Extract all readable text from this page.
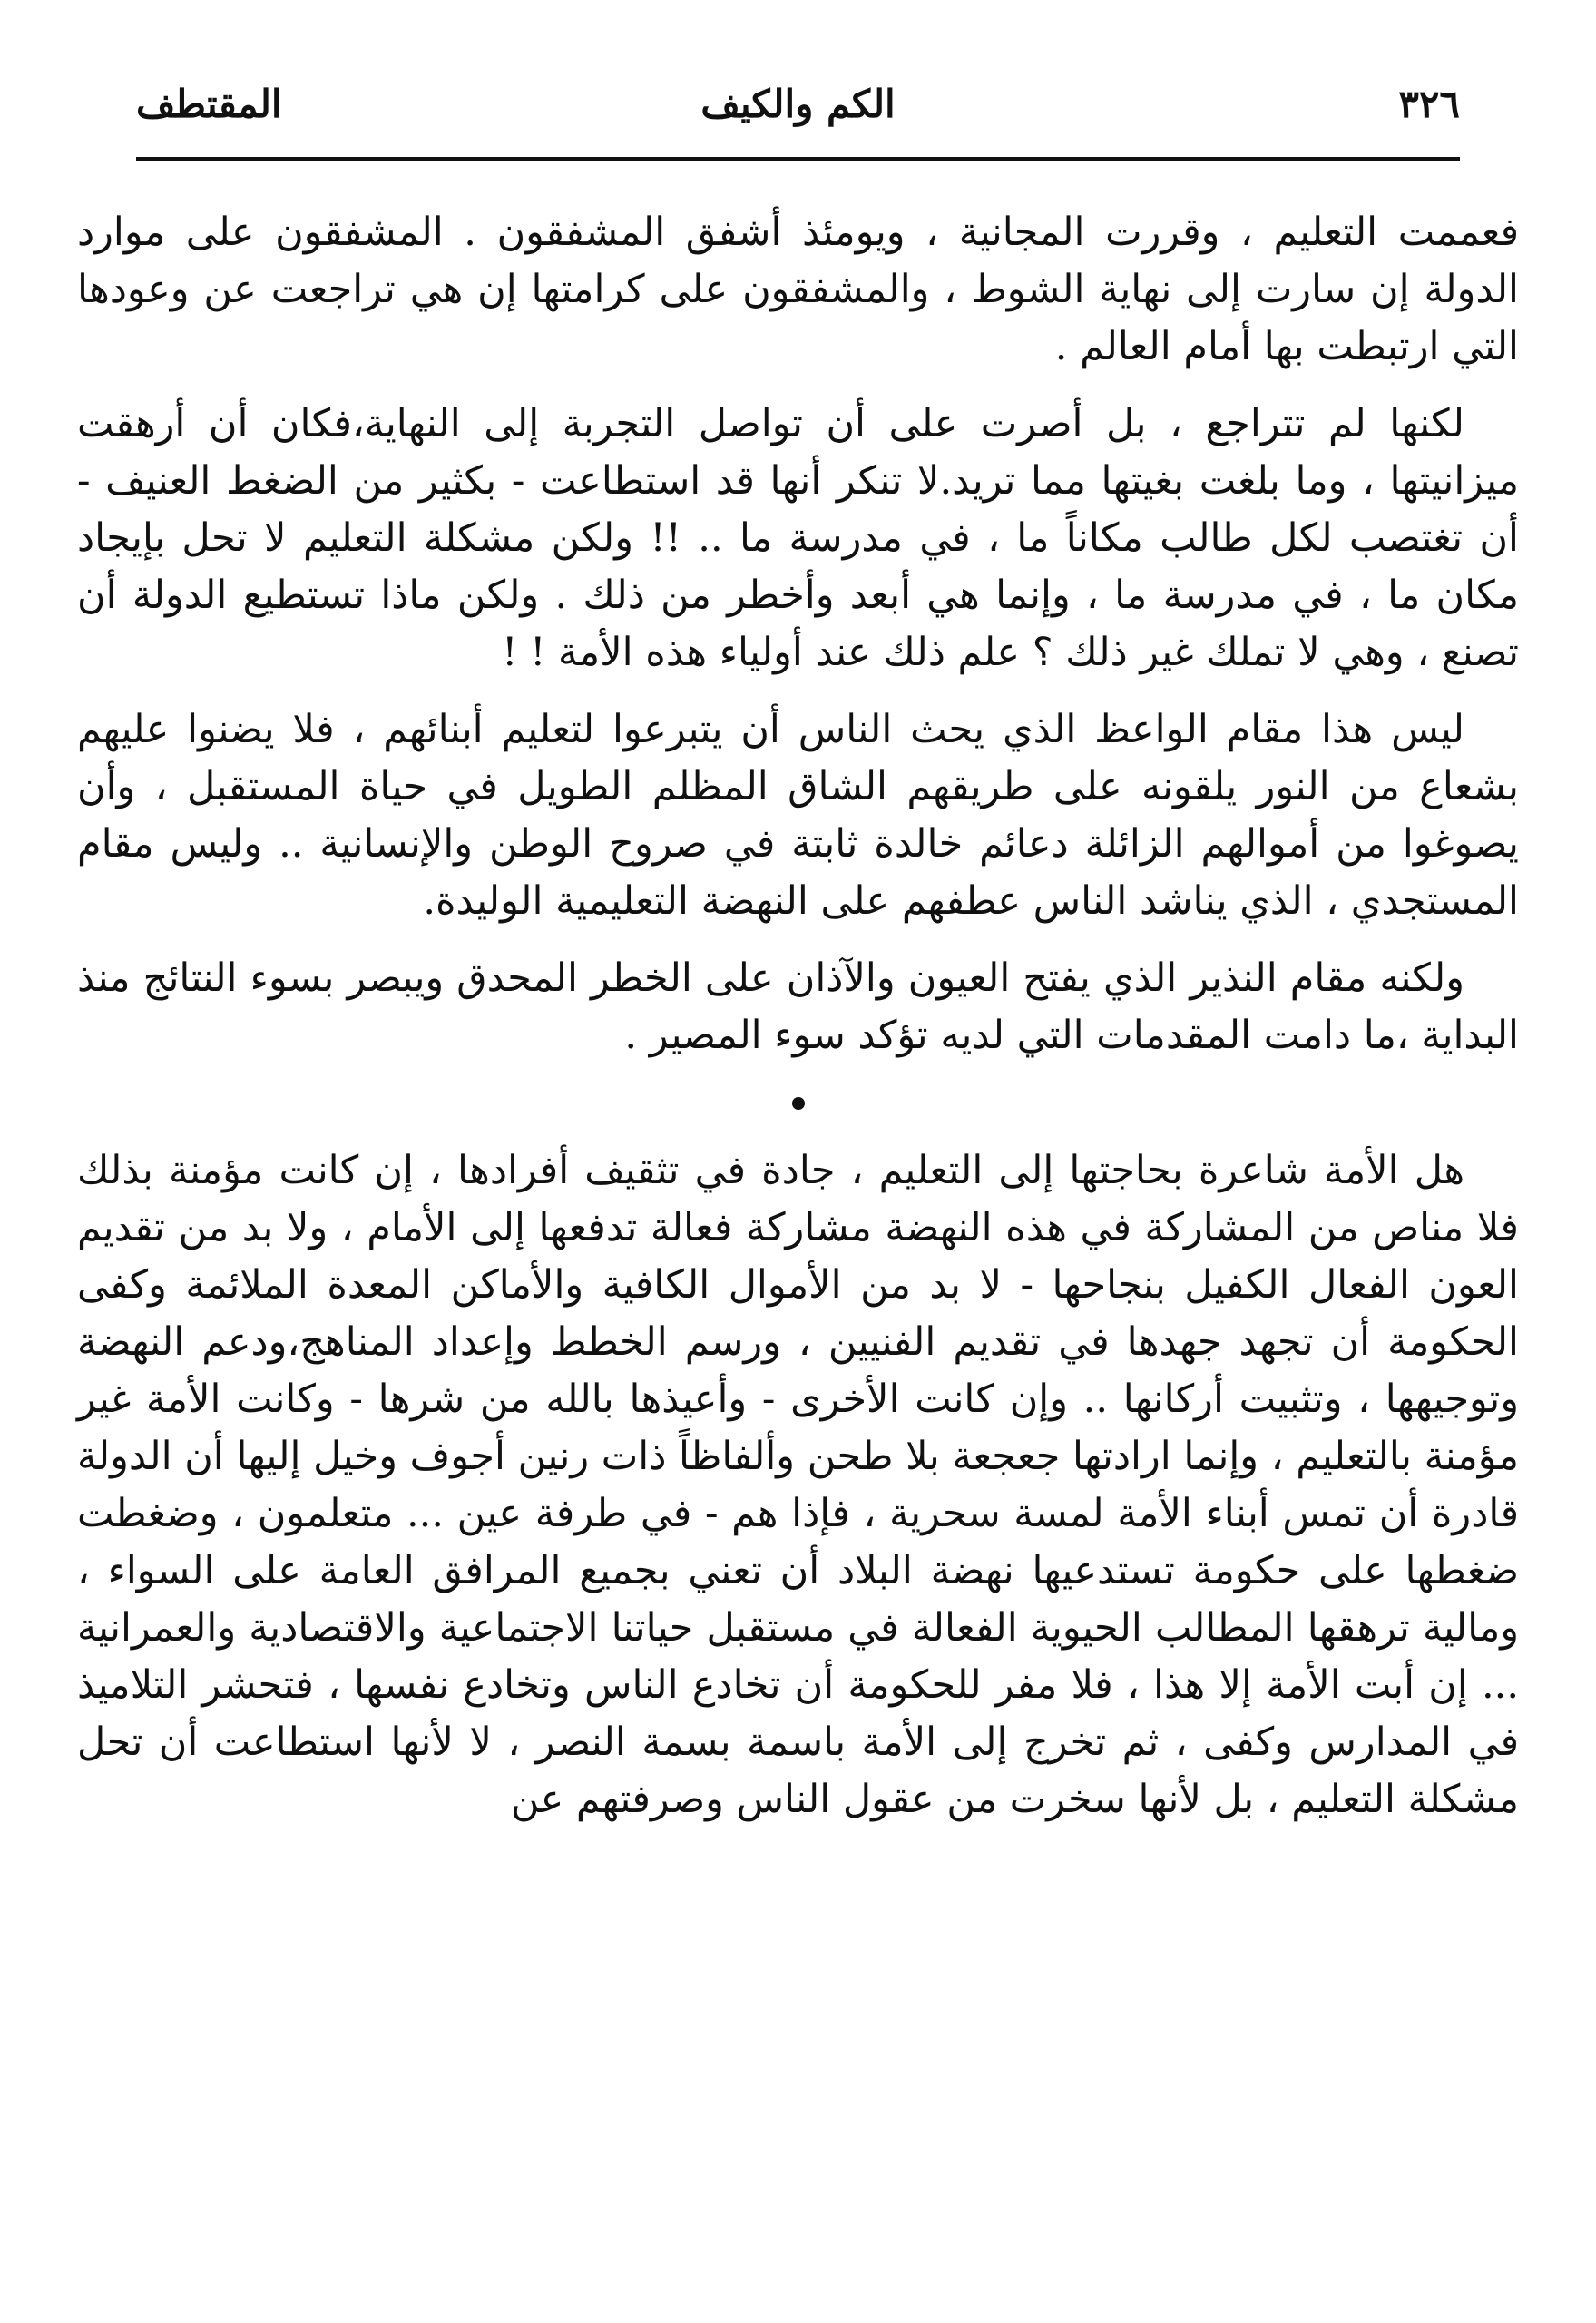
٣٢٦
الكم والكيف
المقتطف

فعممت التعليم ، وقررت المجانية ، ويومئذ أشفق المشفقون . المشفقون على موارد الدولة إن سارت إلى نهاية الشوط ، والمشفقون على كرامتها إن هي تراجعت عن وعودها التي ارتبطت بها أمام العالم .

لكنها لم تتراجع ، بل أصرت على أن تواصل التجربة إلى النهاية،فكان أن أرهقت ميزانيتها ، وما بلغت بغيتها مما تريد.لا تنكر أنها قد استطاعت - بكثير من الضغط العنيف - أن تغتصب لكل طالب مكاناً ما ، في مدرسة ما .. !! ولكن مشكلة التعليم لا تحل بإيجاد مكان ما ، في مدرسة ما ، وإنما هي أبعد وأخطر من ذلك . ولكن ماذا تستطيع الدولة أن تصنع ، وهي لا تملك غير ذلك ؟ علم ذلك عند أولياء هذه الأمة ! !

ليس هذا مقام الواعظ الذي يحث الناس أن يتبرعوا لتعليم أبنائهم ، فلا يضنوا عليهم بشعاع من النور يلقونه على طريقهم الشاق المظلم الطويل في حياة المستقبل ، وأن يصوغوا من أموالهم الزائلة دعائم خالدة ثابتة في صروح الوطن والإنسانية .. وليس مقام المستجدي ، الذي يناشد الناس عطفهم على النهضة التعليمية الوليدة.

ولكنه مقام النذير الذي يفتح العيون والآذان على الخطر المحدق ويبصر بسوء النتائج منذ البداية ،ما دامت المقدمات التي لديه تؤكد سوء المصير .

هل الأمة شاعرة بحاجتها إلى التعليم ، جادة في تثقيف أفرادها ، إن كانت مؤمنة بذلك فلا مناص من المشاركة في هذه النهضة مشاركة فعالة تدفعها إلى الأمام ، ولا بد من تقديم العون الفعال الكفيل بنجاحها - لا بد من الأموال الكافية والأماكن المعدة الملائمة وكفى الحكومة أن تجهد جهدها في تقديم الفنيين ، ورسم الخطط وإعداد المناهج،ودعم النهضة وتوجيهها ، وتثبيت أركانها .. وإن كانت الأخرى - وأعيذها بالله من شرها - وكانت الأمة غير مؤمنة بالتعليم ، وإنما ارادتها جعجعة بلا طحن وألفاظاً ذات رنين أجوف وخيل إليها أن الدولة قادرة أن تمس أبناء الأمة لمسة سحرية ، فإذا هم - في طرفة عين ... متعلمون ، وضغطت ضغطها على حكومة تستدعيها نهضة البلاد أن تعني بجميع المرافق العامة على السواء ، ومالية ترهقها المطالب الحيوية الفعالة في مستقبل حياتنا الاجتماعية والاقتصادية والعمرانية ... إن أبت الأمة إلا هذا ، فلا مفر للحكومة أن تخادع الناس وتخادع نفسها ، فتحشر التلاميذ في المدارس وكفى ، ثم تخرج إلى الأمة باسمة بسمة النصر ، لا لأنها استطاعت أن تحل مشكلة التعليم ، بل لأنها سخرت من عقول الناس وصرفتهم عن
